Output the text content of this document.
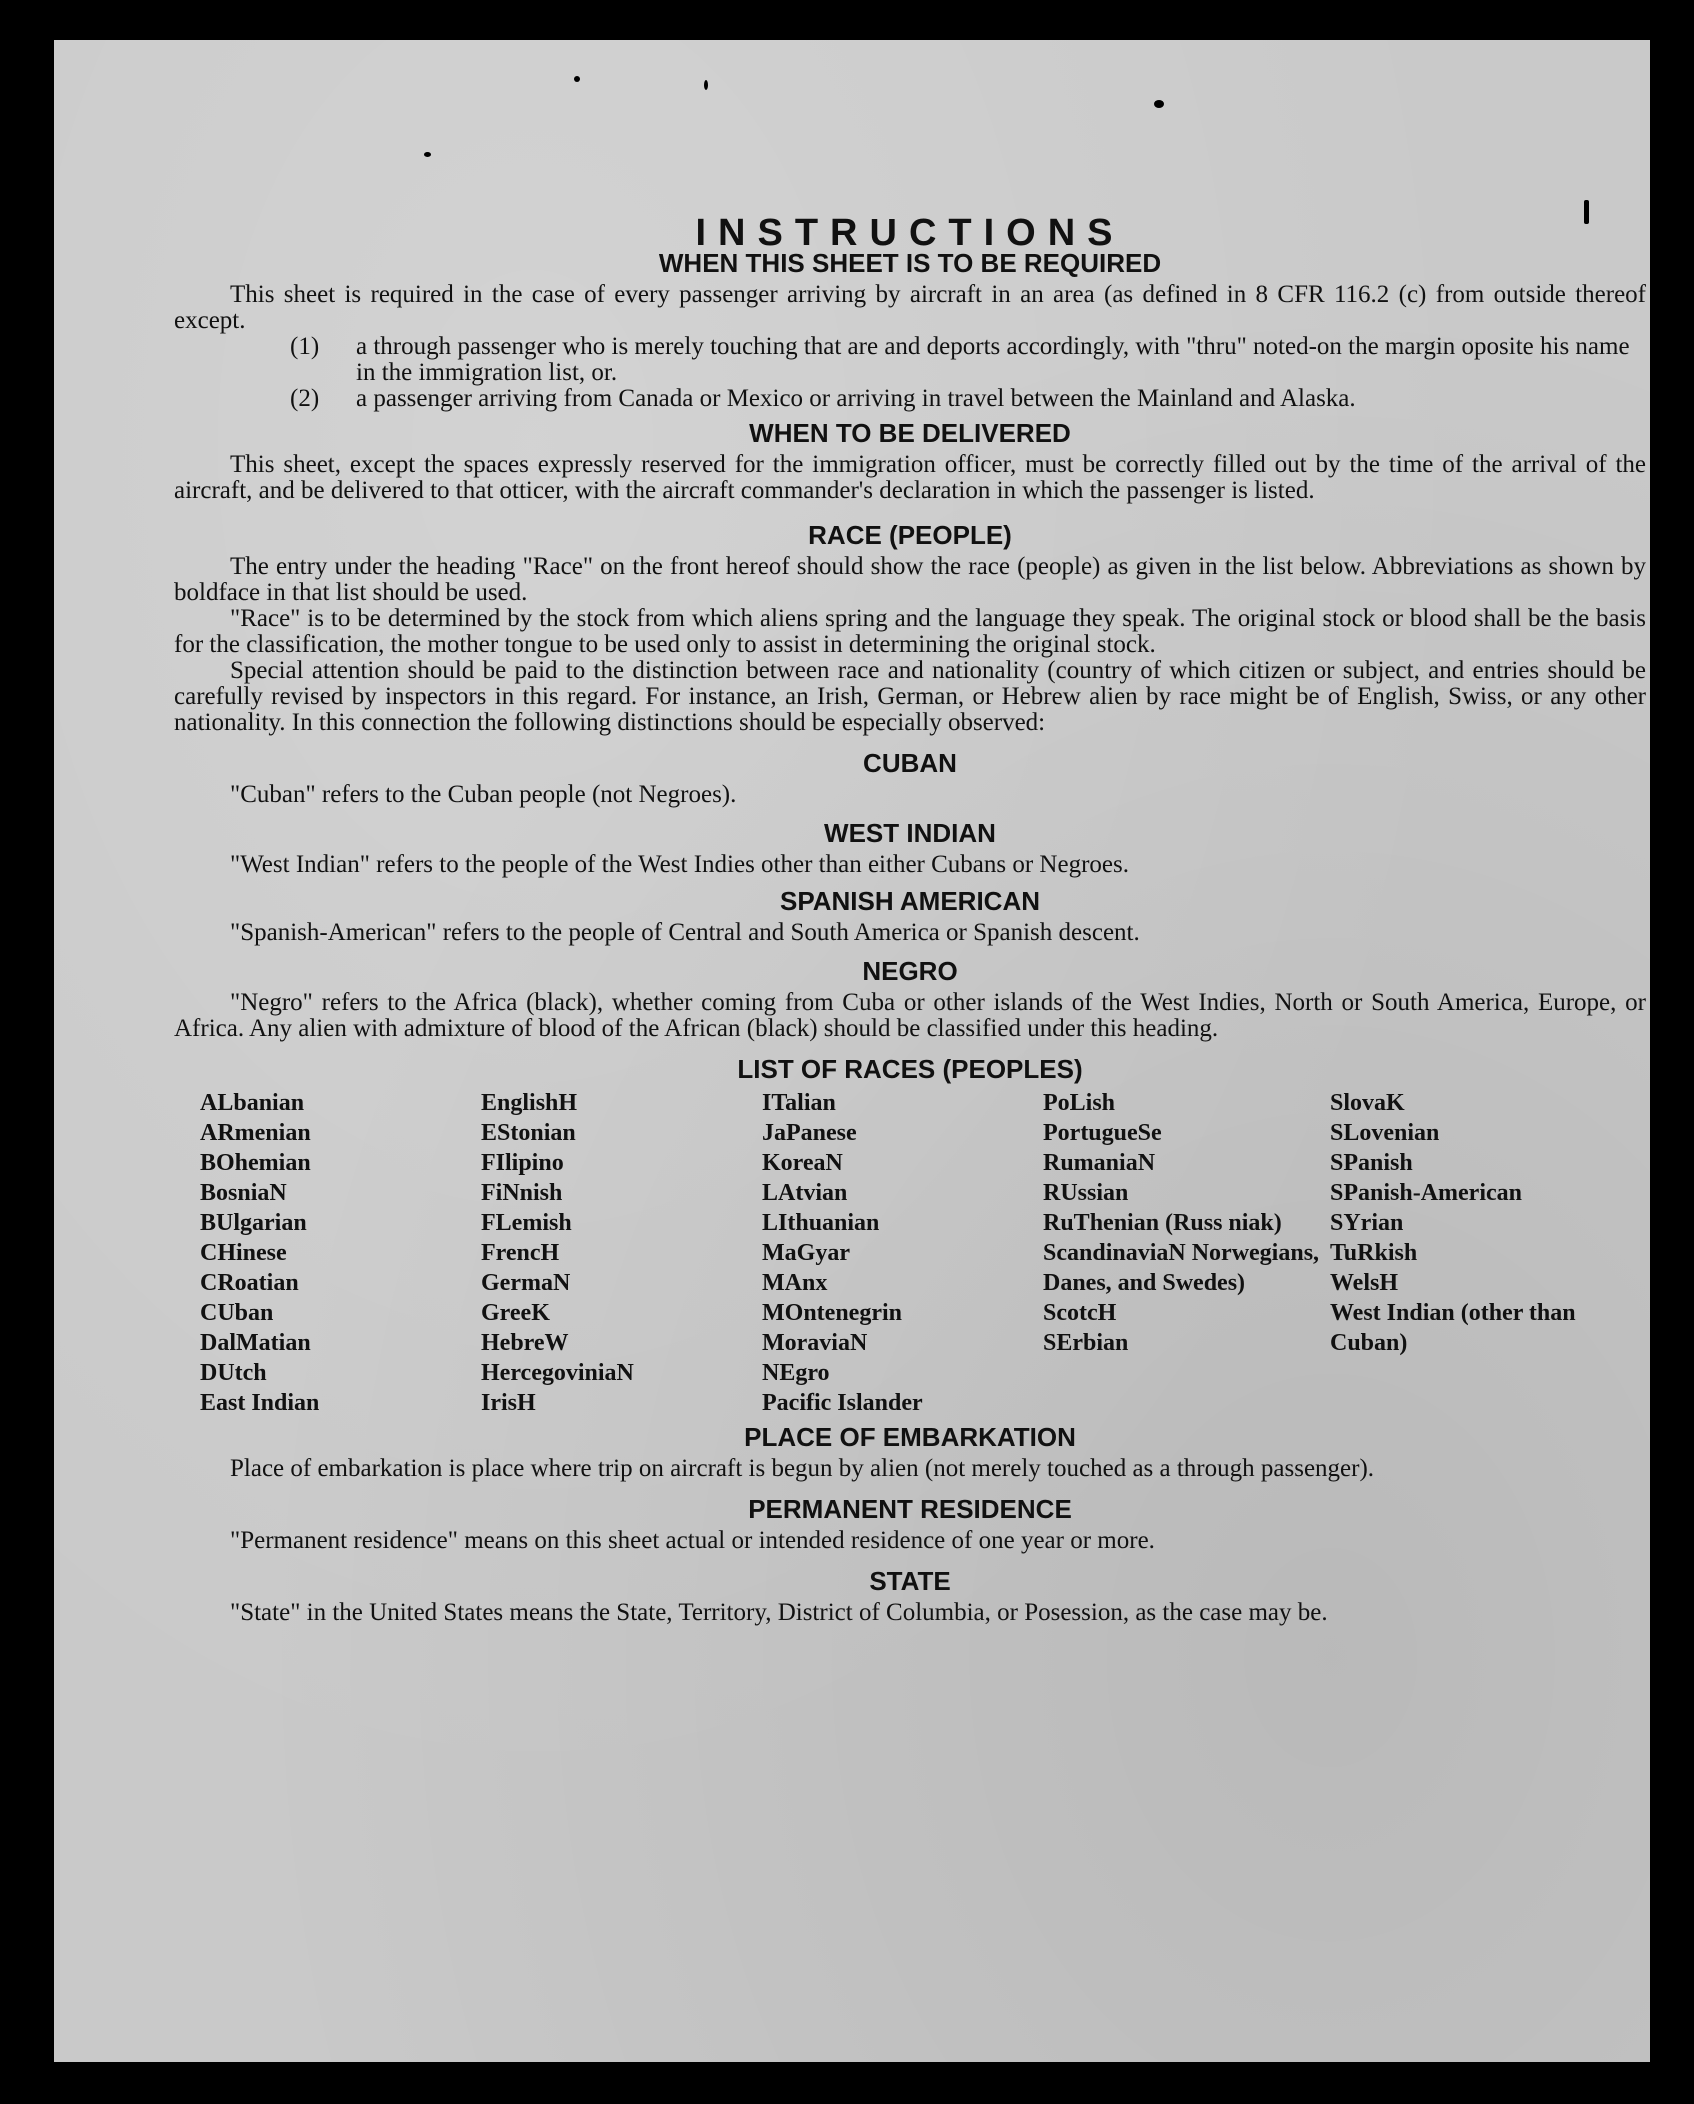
INSTRUCTIONS
WHEN THIS SHEET IS TO BE REQUIRED

This sheet is required in the case of every passenger arriving by aircraft in an area (as defined in 8 CFR 116.2 (c) from outside thereof except.

(1)	a through passenger who is merely touching that are and deports accordingly, with "thru" noted-on the margin oposite his name in the immigration list, or.
(2)	a passenger arriving from Canada or Mexico or arriving in travel between the Mainland and Alaska.
WHEN TO BE DELIVERED

This sheet, except the spaces expressly reserved for the immigration officer, must be correctly filled out by the time of the arrival of the aircraft, and be delivered to that otticer, with the aircraft commander's declaration in which the passenger is listed.

RACE (PEOPLE)

The entry under the heading "Race" on the front hereof should show the race (people) as given in the list below. Abbreviations as shown by boldface in that list should be used.

"Race" is to be determined by the stock from which aliens spring and the language they speak. The original stock or blood shall be the basis for the classification, the mother tongue to be used only to assist in determining the original stock.

Special attention should be paid to the distinction between race and nationality (country of which citizen or subject, and entries should be carefully revised by inspectors in this regard. For instance, an Irish, German, or Hebrew alien by race might be of English, Swiss, or any other nationality. In this connection the following distinctions should be especially observed:

CUBAN

"Cuban" refers to the Cuban people (not Negroes).

WEST INDIAN

"West Indian" refers to the people of the West Indies other than either Cubans or Negroes.

SPANISH AMERICAN

"Spanish-American" refers to the people of Central and South America or Spanish descent.

NEGRO

"Negro" refers to the Africa (black), whether coming from Cuba or other islands of the West Indies, North or South America, Europe, or Africa. Any alien with admixture of blood of the African (black) should be classified under this heading.

LIST OF RACES (PEOPLES)
ALbanian
ARmenian
BOhemian
BosniaN
BUlgarian
CHinese
CRoatian
CUban
DalMatian
DUtch
East Indian
EnglishH
EStonian
FIlipino
FiNnish
FLemish
FrencH
GermaN
GreeK
HebreW
HercegoviniaN
IrisH
ITalian
JaPanese
KoreaN
LAtvian
LIthuanian
MaGyar
MAnx
MOntenegrin
MoraviaN
NEgro
Pacific Islander
PoLish
PortugueSe
RumaniaN
RUssian
RuThenian (Russ niak)
ScandinaviaN Norwegians, Danes, and Swedes)
ScotcH
SErbian
SlovaK
SLovenian
SPanish
SPanish-American
SYrian
TuRkish
WelsH
West Indian (other than Cuban)
PLACE OF EMBARKATION

Place of embarkation is place where trip on aircraft is begun by alien (not merely touched as a through passenger).

PERMANENT RESIDENCE

"Permanent residence" means on this sheet actual or intended residence of one year or more.

STATE

"State" in the United States means the State, Territory, District of Columbia, or Posession, as the case may be.
